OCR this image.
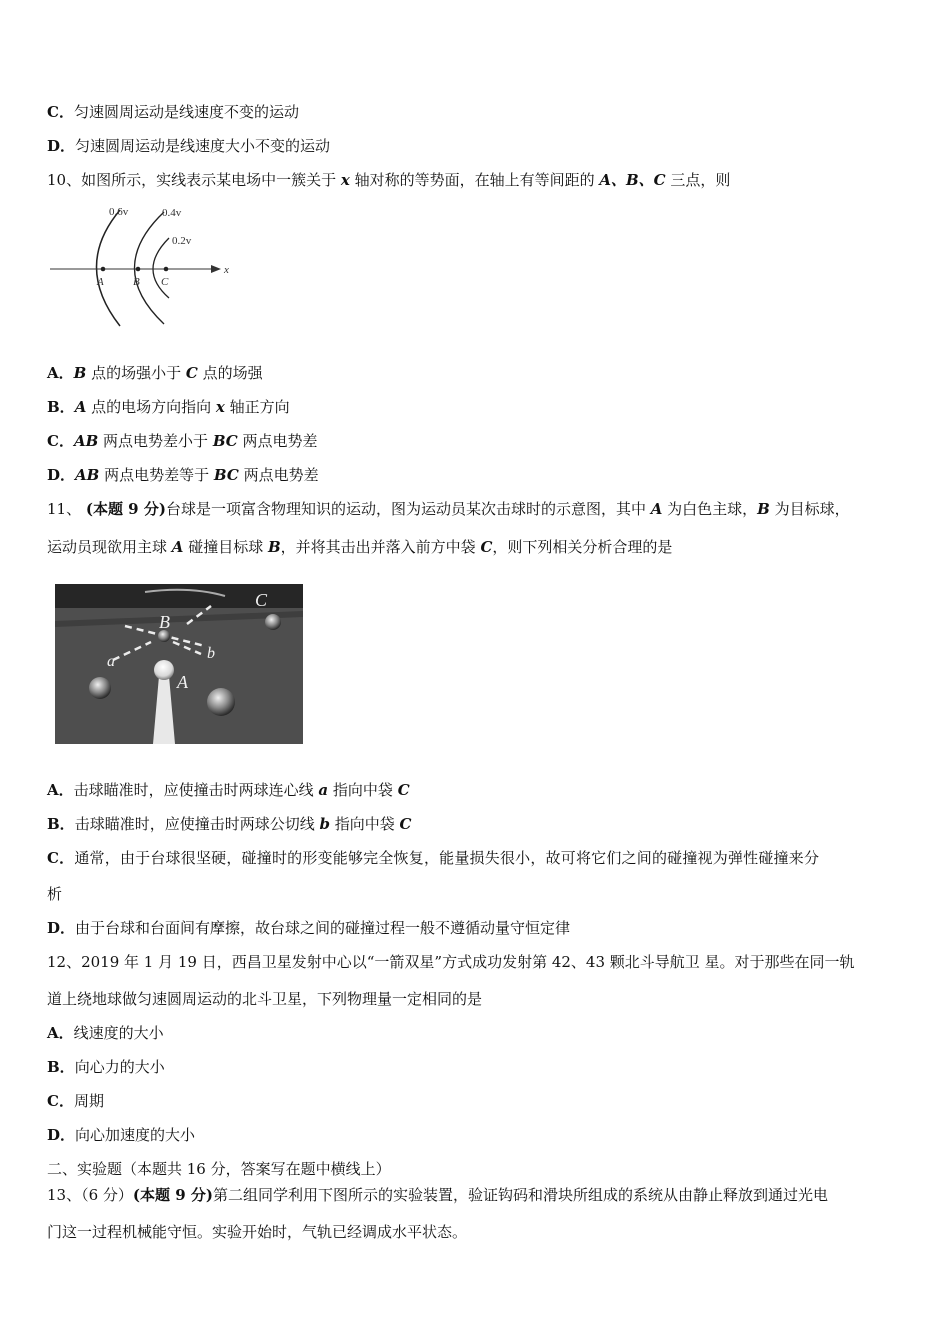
C．匀速圆周运动是线速度不变的运动
D．匀速圆周运动是线速度大小不变的运动
10、如图所示，实线表示某电场中一簇关于 x 轴对称的等势面，在轴上有等间距的 A、B、C 三点，则
0.6v	0.4v
0.2v
x
A	B C
A．B 点的场强小于 C 点的场强
B．A 点的电场方向指向 x 轴正方向
C．AB 两点电势差小于 BC 两点电势差
D．AB 两点电势差等于 BC 两点电势差
11、 (本题 9 分)台球是一项富含物理知识的运动，图为运动员某次击球时的示意图，其中 A 为白色主球，B 为目标球，
运动员现欲用主球 A 碰撞目标球 B，并将其击出并落入前方中袋 C，则下列相关分析合理的是
B
C
a	b
A
A．击球瞄准时，应使撞击时两球连心线 a 指向中袋 C
B．击球瞄准时，应使撞击时两球公切线 b 指向中袋 C
C．通常，由于台球很坚硬，碰撞时的形变能够完全恢复，能量损失很小，故可将它们之间的碰撞视为弹性碰撞来分
析
D．由于台球和台面间有摩擦，故台球之间的碰撞过程一般不遵循动量守恒定律
12、2019 年 1 月 19 日，西昌卫星发射中心以“一箭双星”方式成功发射第 42、43 颗北斗导航卫 星。对于那些在同一轨
道上绕地球做匀速圆周运动的北斗卫星，下列物理量一定相同的是
A．线速度的大小
B．向心力的大小
C．周期
D．向心加速度的大小
二、实验题（本题共 16 分，答案写在题中横线上）
13、（6 分）(本题 9 分)第二组同学利用下图所示的实验装置，验证钩码和滑块所组成的系统从由静止释放到通过光电
门这一过程机械能守恒。实验开始时，气轨已经调成水平状态。
